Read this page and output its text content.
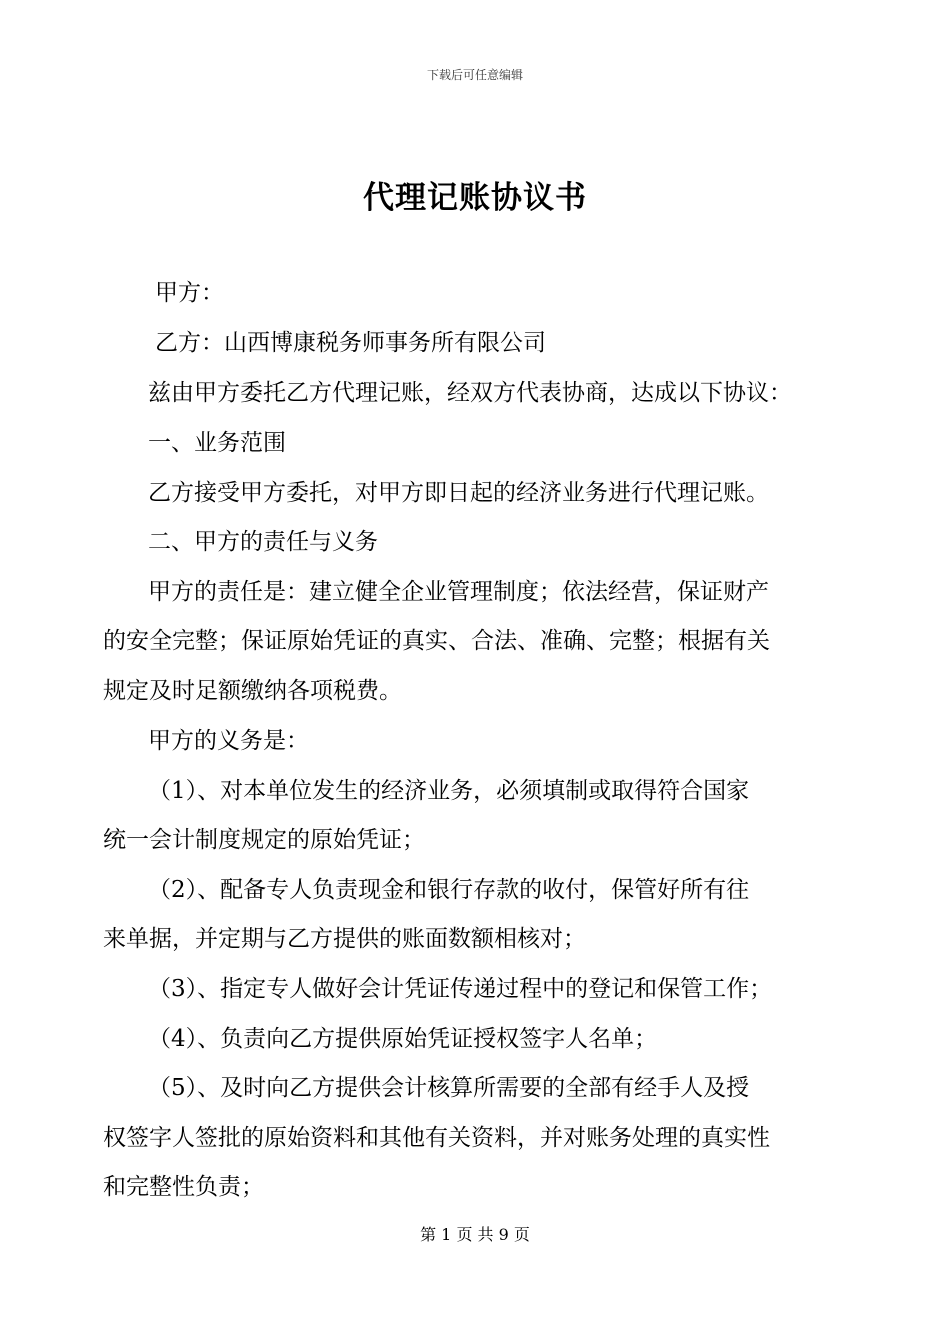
下载后可任意编辑
代理记账协议书
甲方：
乙方：山西博康税务师事务所有限公司
兹由甲方委托乙方代理记账，经双方代表协商，达成以下协议：
一、业务范围
乙方接受甲方委托，对甲方即日起的经济业务进行代理记账。
二、甲方的责任与义务
甲方的责任是：建立健全企业管理制度；依法经营，保证财产
的安全完整；保证原始凭证的真实、合法、准确、完整；根据有关
规定及时足额缴纳各项税费。
甲方的义务是：
（1）、对本单位发生的经济业务，必须填制或取得符合国家
统一会计制度规定的原始凭证；
（2）、配备专人负责现金和银行存款的收付，保管好所有往
来单据，并定期与乙方提供的账面数额相核对；
（3）、指定专人做好会计凭证传递过程中的登记和保管工作；
（4）、负责向乙方提供原始凭证授权签字人名单；
（5）、及时向乙方提供会计核算所需要的全部有经手人及授
权签字人签批的原始资料和其他有关资料，并对账务处理的真实性
和完整性负责；
第 1 页 共 9 页
